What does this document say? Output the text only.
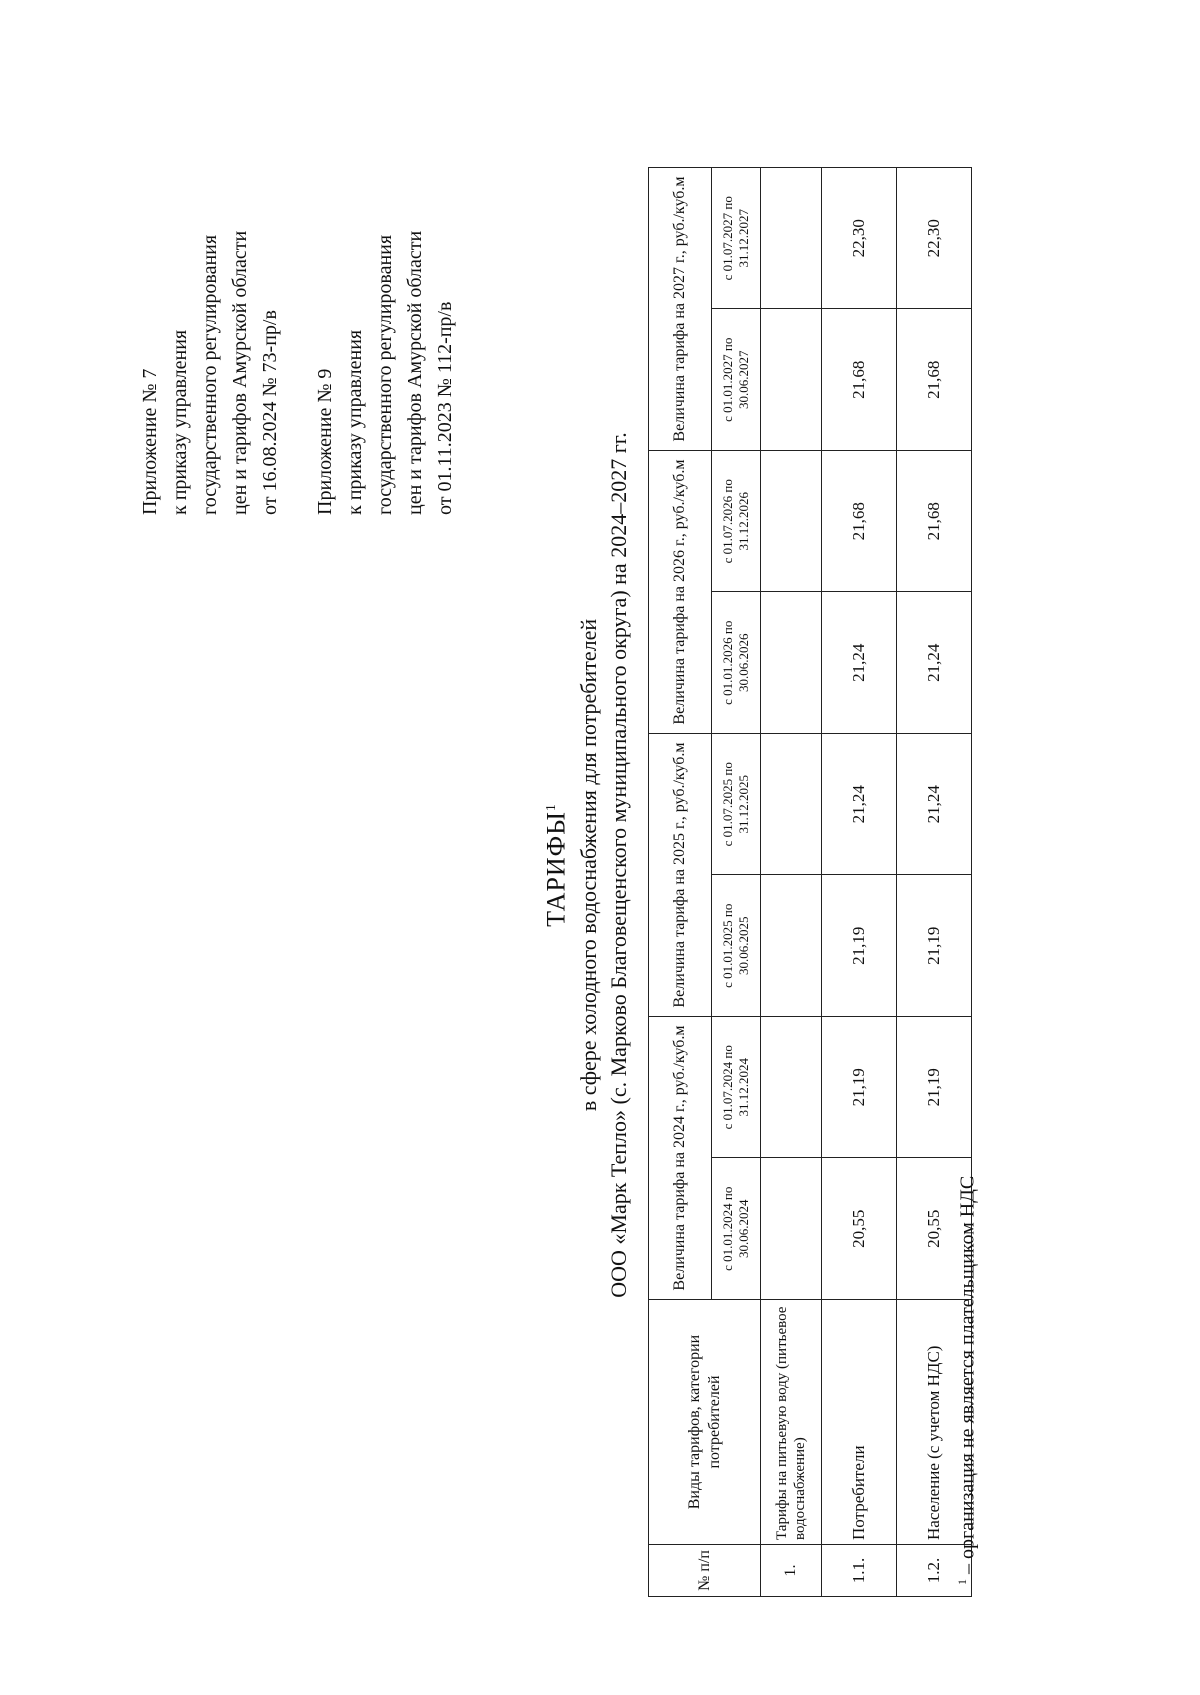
Приложение № 7 к приказу управления государственного регулирования цен и тарифов Амурской области от 16.08.2024 № 73-пр/в Приложение № 9 к приказу управления государственного регулирования цен и тарифов Амурской области от 01.11.2023 № 112-пр/в
ТАРИФЫ$^1$ в сфере холодного водоснабжения для потребителей ООО «Марк Тепло» (с. Марково Благовещенского муниципального округа) на 2024–2027 гг.
№ п/п	Виды тарифов, категории потребителей	Величина тарифа на 2024 г., руб./куб.м		Величина тарифа на 2025 г., руб./куб.м		Величина тарифа на 2026 г., руб./куб.м		Величина тарифа на 2027 г., руб./куб.м	
		с 01.01.2024 по 30.06.2024	с 01.07.2024 по 31.12.2024	с 01.01.2025 по 30.06.2025	с 01.07.2025 по 31.12.2025	с 01.01.2026 по 30.06.2026	с 01.07.2026 по 31.12.2026	с 01.01.2027 по 30.06.2027	с 01.07.2027 по 31.12.2027
1.	Тарифы на питьевую воду (питьевое водоснабжение)								
1.1.	Потребители	20,55	21,19	21,19	21,24	21,24	21,68	21,68	22,30
1.2.	Население (с учетом НДС)	20,55	21,19	21,19	21,24	21,24	21,68	21,68	22,30
$^1$ – организация не является плательщиком НДС
